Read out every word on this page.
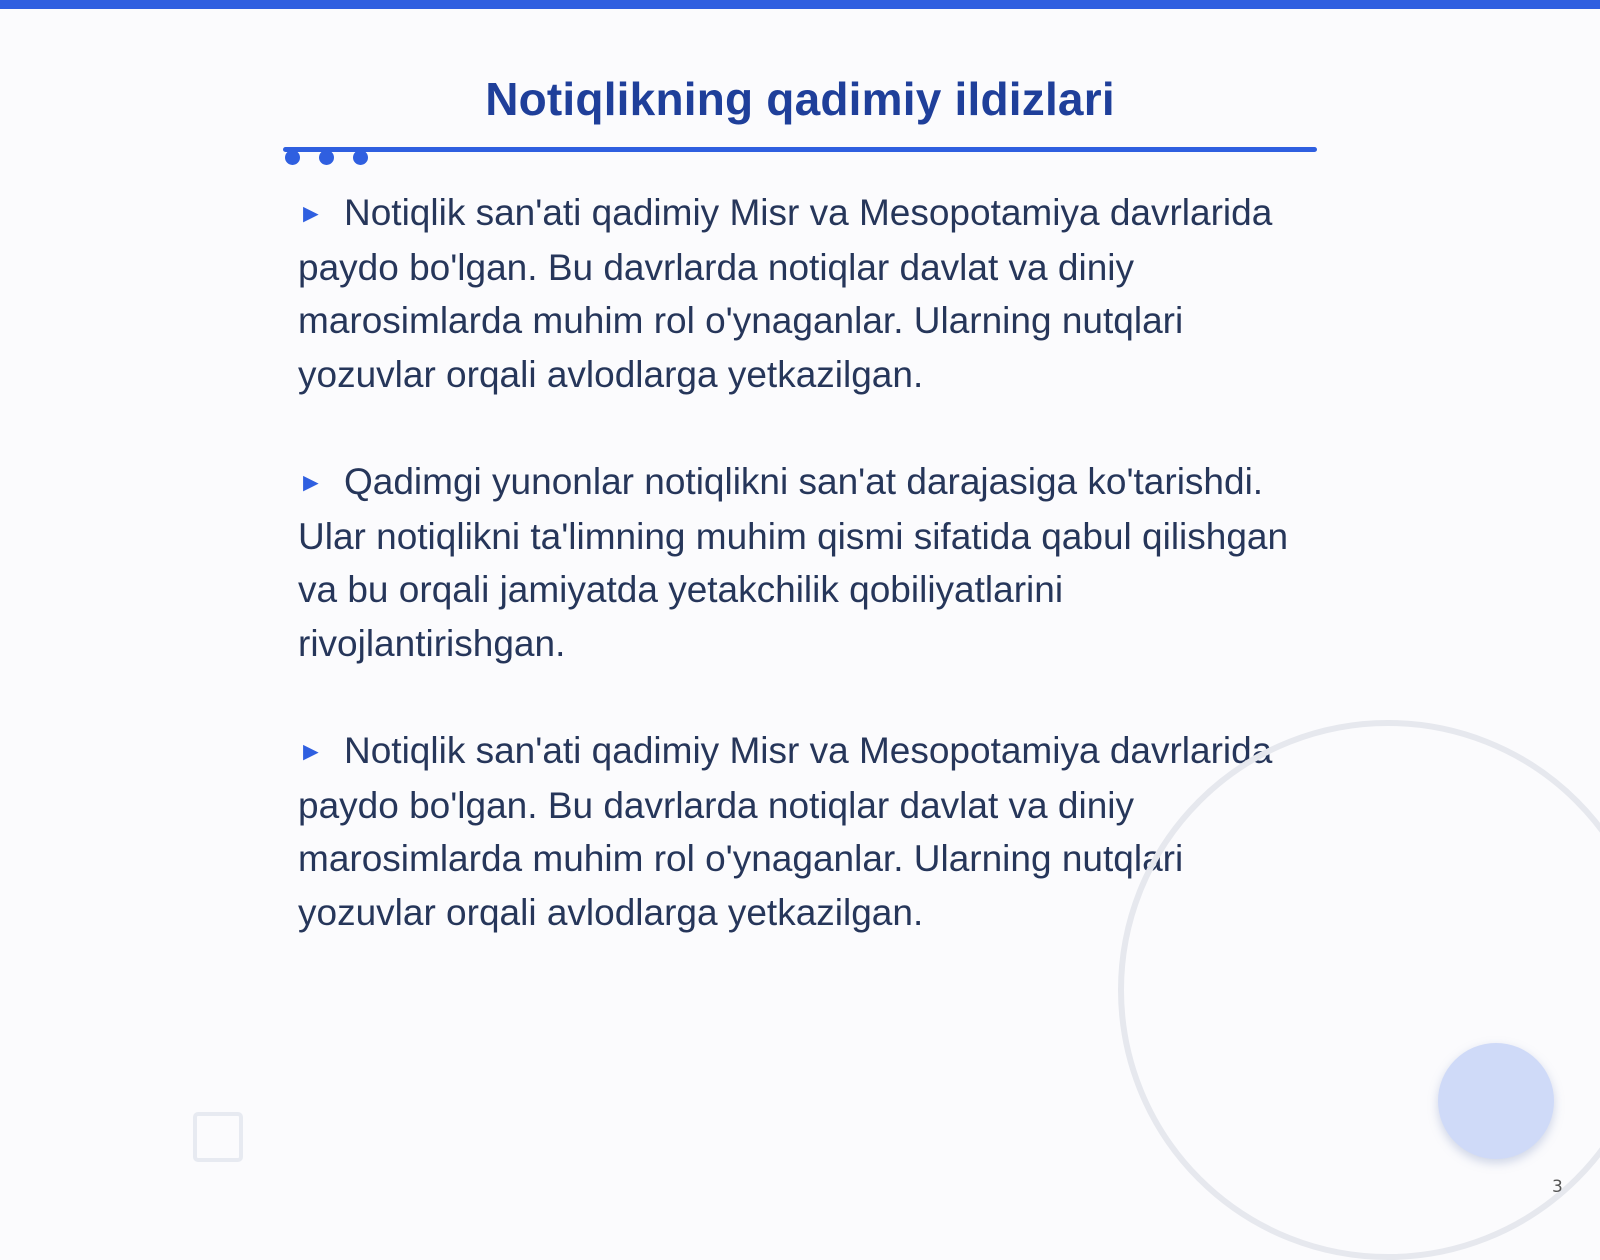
Notiqlikning qadimiy ildizlari

► Notiqlik san'ati qadimiy Misr va Mesopotamiya davrlarida paydo bo'lgan. Bu davrlarda notiqlar davlat va diniy marosimlarda muhim rol o'ynaganlar. Ularning nutqlari yozuvlar orqali avlodlarga yetkazilgan.

► Qadimgi yunonlar notiqlikni san'at darajasiga ko'tarishdi. Ular notiqlikni ta'limning muhim qismi sifatida qabul qilishgan va bu orqali jamiyatda yetakchilik qobiliyatlarini rivojlantirishgan.

► Notiqlik san'ati qadimiy Misr va Mesopotamiya davrlarida paydo bo'lgan. Bu davrlarda notiqlar davlat va diniy marosimlarda muhim rol o'ynaganlar. Ularning nutqlari yozuvlar orqali avlodlarga yetkazilgan.

3
